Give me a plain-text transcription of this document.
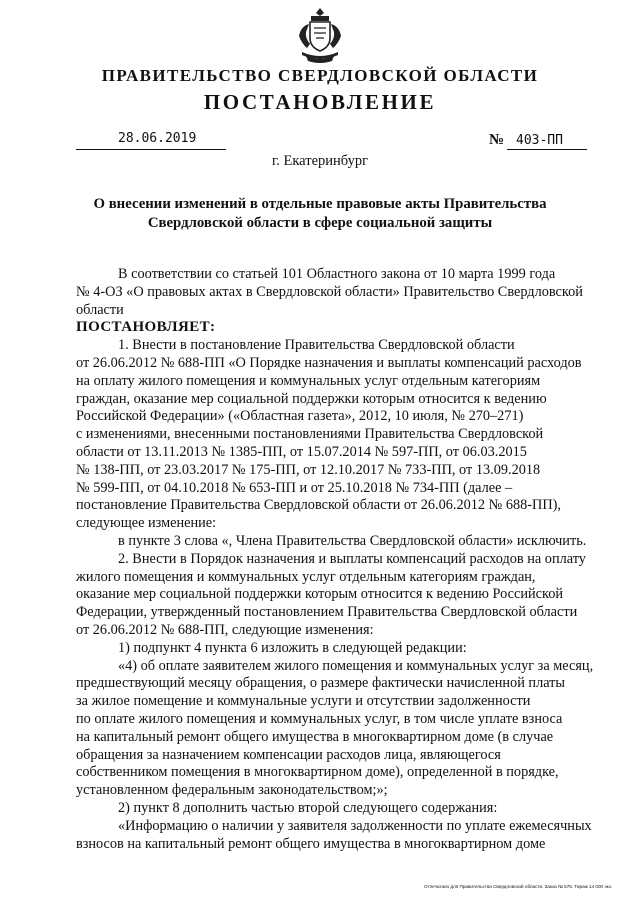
ПРАВИТЕЛЬСТВО СВЕРДЛОВСКОЙ ОБЛАСТИ
ПОСТАНОВЛЕНИЕ
28.06.2019	№ 403-ПП
г. Екатеринбург
О внесении изменений в отдельные правовые акты Правительства
Свердловской области в сфере социальной защиты

В соответствии со статьей 101 Областного закона от 10 марта 1999 года
№ 4-ОЗ «О правовых актах в Свердловской области» Правительство Свердловской
области

ПОСТАНОВЛЯЕТ:

1. Внести в постановление Правительства Свердловской области
от 26.06.2012 № 688-ПП «О Порядке назначения и выплаты компенсаций расходов
на оплату жилого помещения и коммунальных услуг отдельным категориям
граждан, оказание мер социальной поддержки которым относится к ведению
Российской Федерации» («Областная газета», 2012, 10 июля, № 270–271)
с изменениями, внесенными постановлениями Правительства Свердловской
области от 13.11.2013 № 1385-ПП, от 15.07.2014 № 597-ПП, от 06.03.2015
№ 138-ПП, от 23.03.2017 № 175-ПП, от 12.10.2017 № 733-ПП, от 13.09.2018
№ 599-ПП, от 04.10.2018 № 653-ПП и от 25.10.2018 № 734-ПП (далее –
постановление Правительства Свердловской области от 26.06.2012 № 688-ПП),
следующее изменение:

в пункте 3 слова «, Члена Правительства Свердловской области» исключить.

2. Внести в Порядок назначения и выплаты компенсаций расходов на оплату
жилого помещения и коммунальных услуг отдельным категориям граждан,
оказание мер социальной поддержки которым относится к ведению Российской
Федерации, утвержденный постановлением Правительства Свердловской области
от 26.06.2012 № 688-ПП, следующие изменения:

1) подпункт 4 пункта 6 изложить в следующей редакции:

«4) об оплате заявителем жилого помещения и коммунальных услуг за месяц,
предшествующий месяцу обращения, о размере фактически начисленной платы
за жилое помещение и коммунальные услуги и отсутствии задолженности
по оплате жилого помещения и коммунальных услуг, в том числе уплате взноса
на капитальный ремонт общего имущества в многоквартирном доме (в случае
обращения за назначением компенсации расходов лица, являющегося
собственником помещения в многоквартирном доме), определенной в порядке,
установленном федеральным законодательством;»;

2) пункт 8 дополнить частью второй следующего содержания:

«Информацию о наличии у заявителя задолженности по уплате ежемесячных
взносов на капитальный ремонт общего имущества в многоквартирном доме

Отпечатано для Правительства Свердловской области. Заказ № 575. Тираж 14 000 экз.
